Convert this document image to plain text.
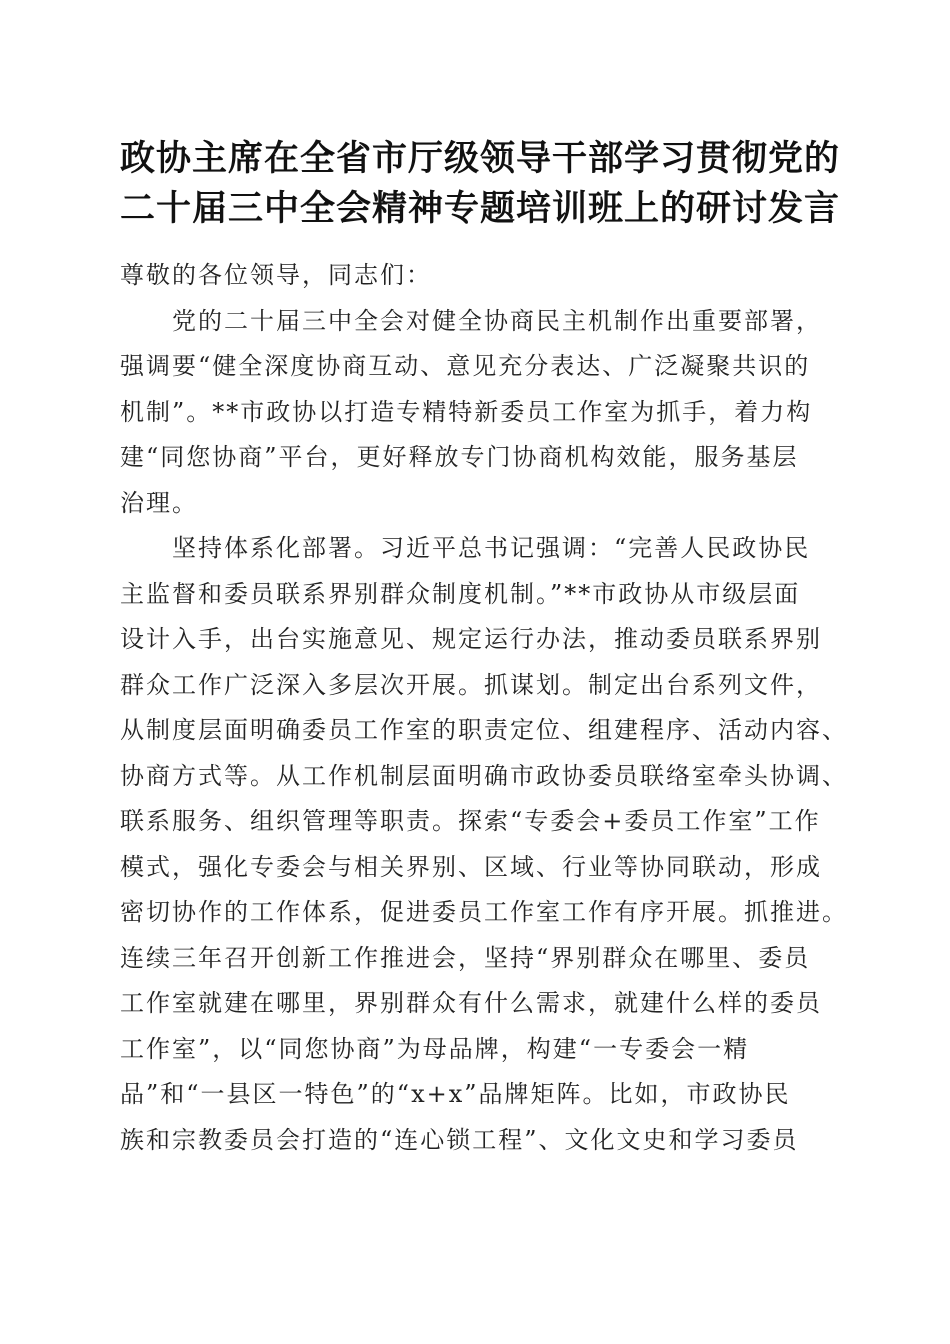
政协主席在全省市厅级领导干部学习贯彻党的
二十届三中全会精神专题培训班上的研讨发言
尊敬的各位领导，同志们：
党的二十届三中全会对健全协商民主机制作出重要部署，
强调要“健全深度协商互动、意见充分表达、广泛凝聚共识的
机制”。**市政协以打造专精特新委员工作室为抓手，着力构
建“同您协商”平台，更好释放专门协商机构效能，服务基层
治理。
坚持体系化部署。习近平总书记强调：“完善人民政协民
主监督和委员联系界别群众制度机制。”**市政协从市级层面
设计入手，出台实施意见、规定运行办法，推动委员联系界别
群众工作广泛深入多层次开展。抓谋划。制定出台系列文件，
从制度层面明确委员工作室的职责定位、组建程序、活动内容、
协商方式等。从工作机制层面明确市政协委员联络室牵头协调、
联系服务、组织管理等职责。探索“专委会+委员工作室”工作
模式，强化专委会与相关界别、区域、行业等协同联动，形成
密切协作的工作体系，促进委员工作室工作有序开展。抓推进。
连续三年召开创新工作推进会，坚持“界别群众在哪里、委员
工作室就建在哪里，界别群众有什么需求，就建什么样的委员
工作室”，以“同您协商”为母品牌，构建“一专委会一精
品”和“一县区一特色”的“x+x”品牌矩阵。比如，市政协民
族和宗教委员会打造的“连心锁工程”、文化文史和学习委员
